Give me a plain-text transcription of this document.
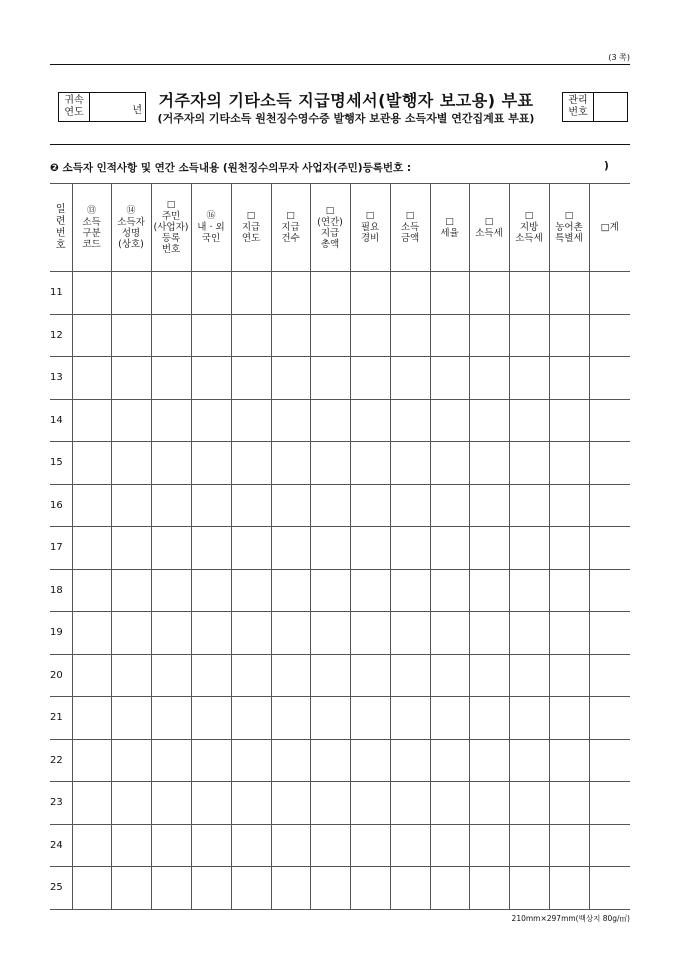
(3 쪽)
귀속
연도	년
거주자의 기타소득 지급명세서(발행자 보고용) 부표
(거주자의 기타소득 원천징수영수증 발행자 보관용 소득자별 연간집계표 부표)
관리
번호
❷ 소득자 인적사항 및 연간 소득내용 (원천징수의무자 사업자(주민)등록번호 :	)
일
련
번
호	⑬
소득
구분
코드	⑭
소득자
성명
(상호)	□
주민
(사업자)
등록
번호	⑯
내 · 외
국인	□
지급
연도	□
지급
건수	□
(연간)
지급
총액	□
필요
경비	□
소득
금액	□
세율	□
소득세	□
지방
소득세	□
농어촌
특별세	□계

11														
12														
13														
14														
15														
16														
17														
18														
19														
20														
21														
22														
23														
24														
25														
210mm×297mm(백상지 80g/㎡)
